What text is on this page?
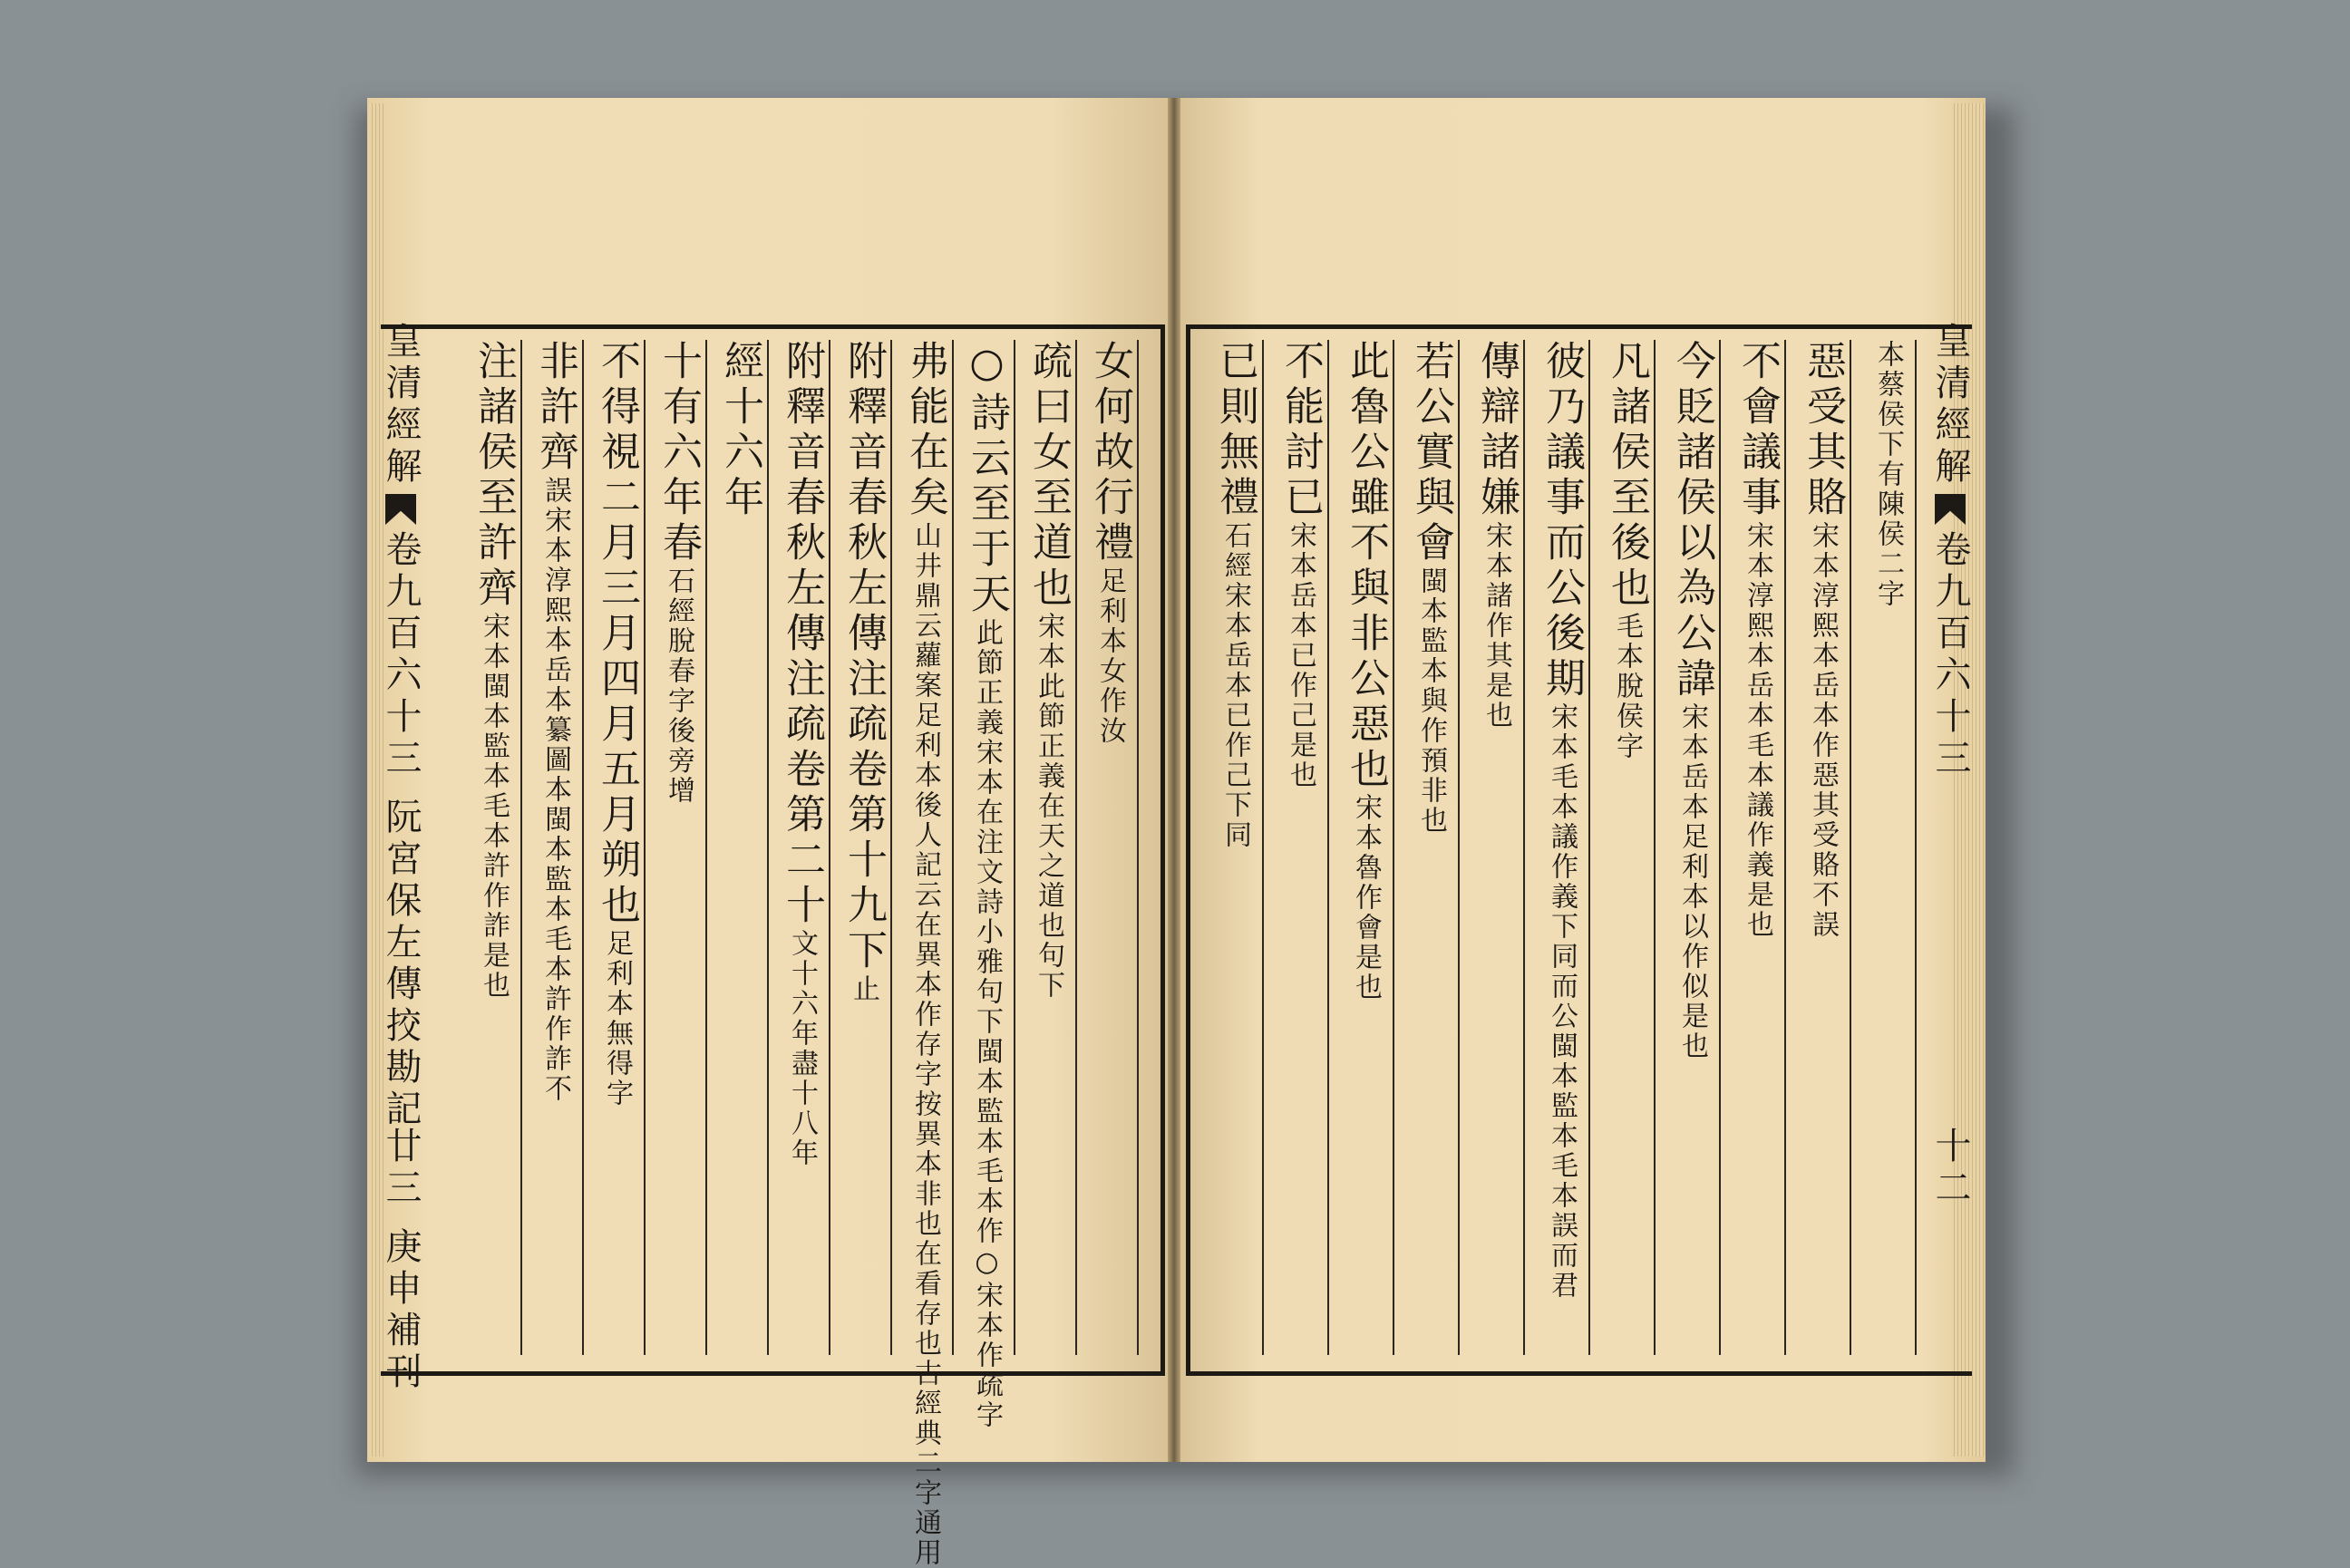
皇清經解卷九百六十三 阮宮保左傳挍勘記
廿三 庚申補刊
女何故行禮足利本女作汝
疏曰女至道也宋本此節正義在天之道也句下
○詩云至于天此節正義宋本在注文詩小雅句下閩本監本毛本作○宋本作疏字
弗能在矣山井鼎云蘿案足利本後人記云在異本作存字按異本非也在看存也古經典二字通用
附釋音春秋左傳注疏卷第十九下止
附釋音春秋左傳注疏卷第二十文十六年盡十八年
經十六年
十有六年春石經脫春字後旁增
不得視二月三月四月五月朔也足利本無得字
非許齊誤宋本淳熙本岳本纂圖本閩本監本毛本許作詐不
注諸侯至許齊宋本閩本監本毛本許作詐是也
皇清經解卷九百六十三
十二
本蔡侯下有陳侯二字
惡受其賂宋本淳熙本岳本作惡其受賂不誤
不會議事宋本淳熙本岳本毛本議作義是也
今貶諸侯以為公諱宋本岳本足利本以作似是也
凡諸侯至後也毛本脫侯字
彼乃議事而公後期宋本毛本議作義下同而公閩本監本毛本誤而君
傳辯諸嫌宋本諸作其是也
若公實與會閩本監本與作預非也
此魯公雖不與非公惡也宋本魯作會是也
不能討已宋本岳本已作己是也
已則無禮石經宋本岳本已作己下同
